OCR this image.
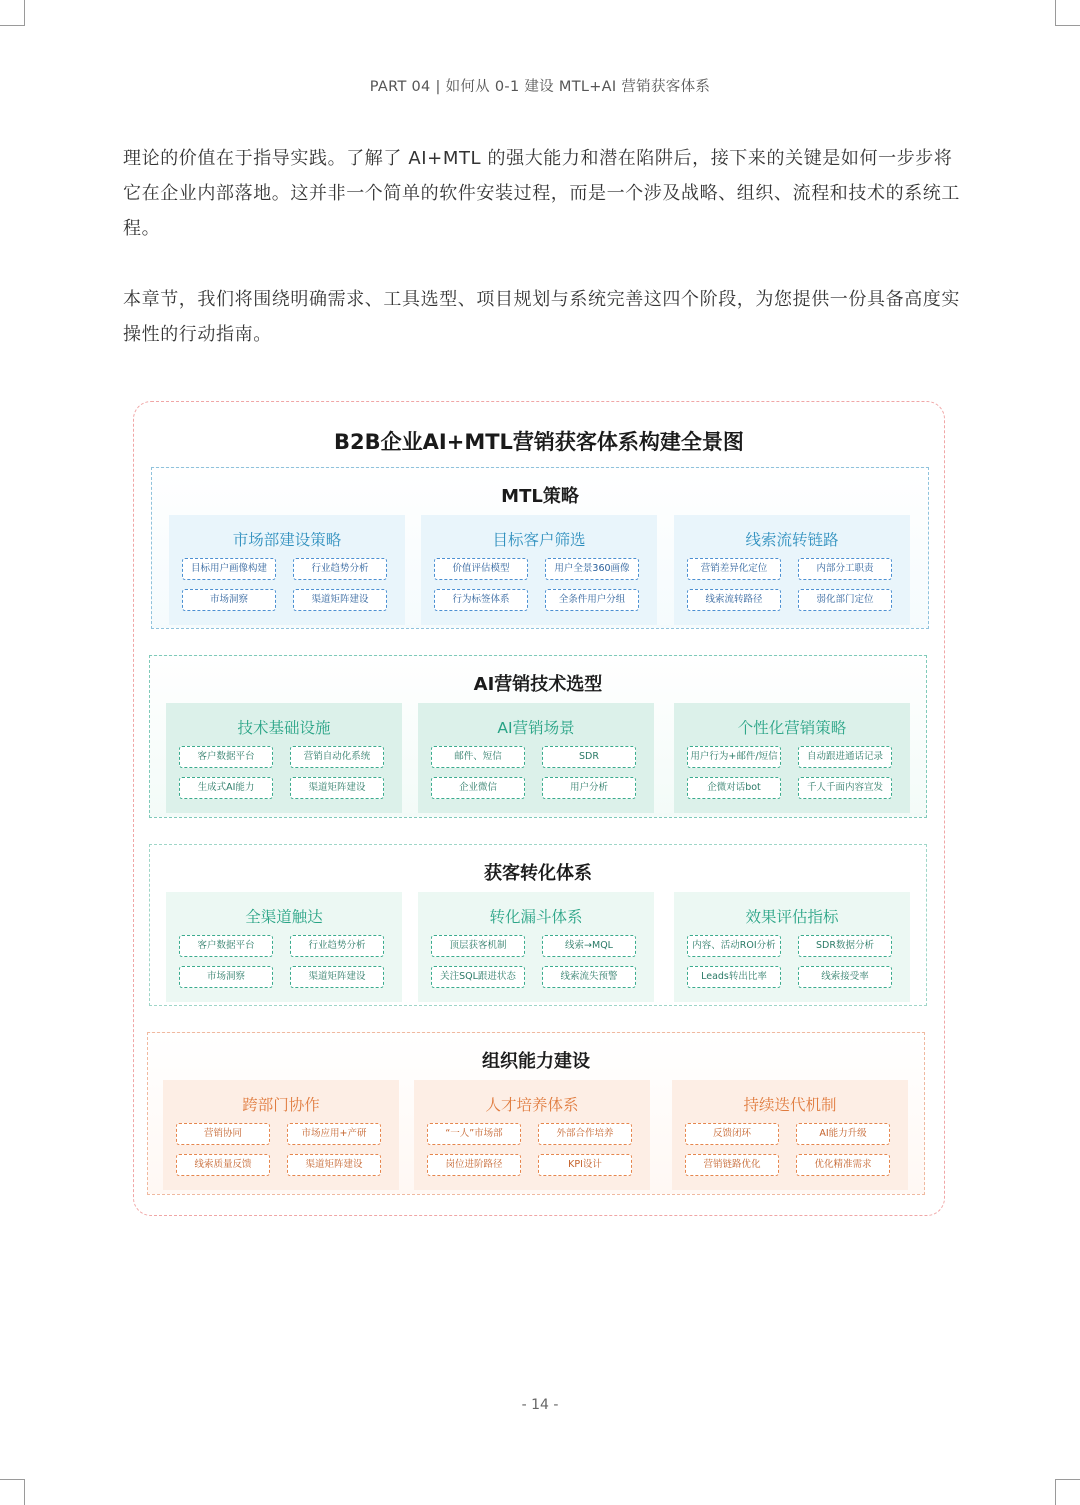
PART 04 | 如何从 0-1 建设 MTL+AI 营销获客体系

理论的价值在于指导实践。了解了 AI+MTL 的强大能力和潜在陷阱后，接下来的关键是如何一步步将它在企业内部落地。这并非一个简单的软件安装过程，而是一个涉及战略、组织、流程和技术的系统工程。

本章节，我们将围绕明确需求、工具选型、项目规划与系统完善这四个阶段，为您提供一份具备高度实操性的行动指南。

B2B企业AI+MTL营销获客体系构建全景图
MTL策略
市场部建设策略
目标用户画像构建	行业趋势分析
市场洞察	渠道矩阵建设
目标客户筛选
价值评估模型	用户全景360画像
行为标签体系	全条件用户分组
线索流转链路
营销差异化定位	内部分工职责
线索流转路径	弱化部门定位
AI营销技术选型
技术基础设施
客户数据平台	营销自动化系统
生成式AI能力	渠道矩阵建设
AI营销场景
邮件、短信	SDR
企业微信	用户分析
个性化营销策略
用户行为+邮件/短信	自动跟进通话记录
企微对话bot	千人千面内容宣发
获客转化体系
全渠道触达
客户数据平台	行业趋势分析
市场洞察	渠道矩阵建设
转化漏斗体系
顶层获客机制	线索→MQL
关注SQL跟进状态	线索流失预警
效果评估指标
内容、活动ROI分析	SDR数据分析
Leads转出比率	线索接受率
组织能力建设
跨部门协作
营销协同	市场应用+产研
线索质量反馈	渠道矩阵建设
人才培养体系
“一人”市场部	外部合作培养
岗位进阶路径	KPI设计
持续迭代机制
反馈闭环	AI能力升级
营销链路优化	优化精准需求
- 14 -
